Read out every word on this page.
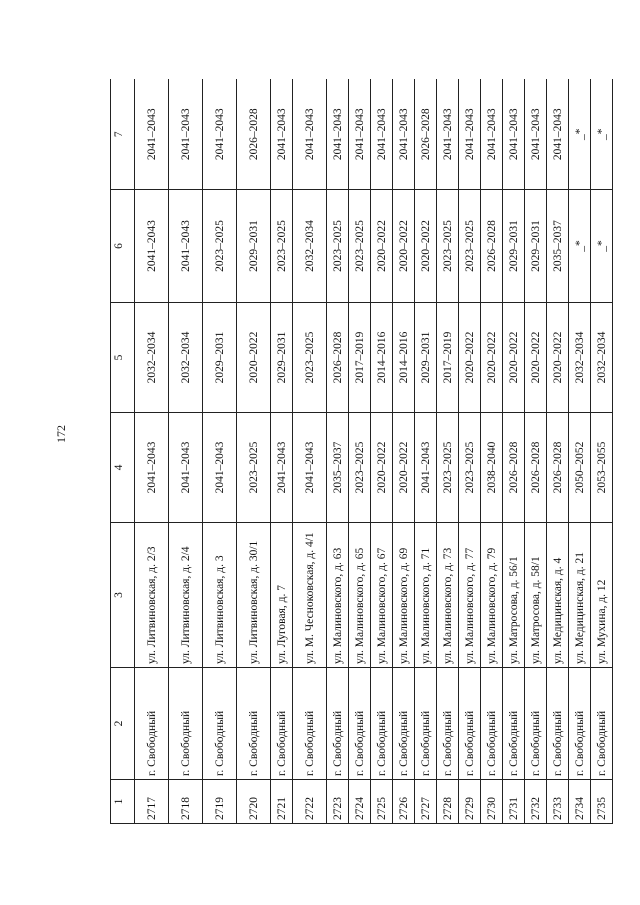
172
1	2	3	4	5	6	7
2717	г. Свободный	ул. Литвиновская, д. 2/3	2041–2043	2032–2034	2041–2043	2041–2043
2718	г. Свободный	ул. Литвиновская, д. 2/4	2041–2043	2032–2034	2041–2043	2041–2043
2719	г. Свободный	ул. Литвиновская, д. 3	2041–2043	2029–2031	2023–2025	2041–2043
2720	г. Свободный	ул. Литвиновская, д. 30/1	2023–2025	2020–2022	2029–2031	2026–2028
2721	г. Свободный	ул. Луговая, д. 7	2041–2043	2029–2031	2023–2025	2041–2043
2722	г. Свободный	ул. М. Чесноковская, д. 4/1	2041–2043	2023–2025	2032–2034	2041–2043
2723	г. Свободный	ул. Малиновского, д. 63	2035–2037	2026–2028	2023–2025	2041–2043
2724	г. Свободный	ул. Малиновского, д. 65	2023–2025	2017–2019	2023–2025	2041–2043
2725	г. Свободный	ул. Малиновского, д. 67	2020–2022	2014–2016	2020–2022	2041–2043
2726	г. Свободный	ул. Малиновского, д. 69	2020–2022	2014–2016	2020–2022	2041–2043
2727	г. Свободный	ул. Малиновского, д. 71	2041–2043	2029–2031	2020–2022	2026–2028
2728	г. Свободный	ул. Малиновского, д. 73	2023–2025	2017–2019	2023–2025	2041–2043
2729	г. Свободный	ул. Малиновского, д. 77	2023–2025	2020–2022	2023–2025	2041–2043
2730	г. Свободный	ул. Малиновского, д. 79	2038–2040	2020–2022	2026–2028	2041–2043
2731	г. Свободный	ул. Матросова, д. 56/1	2026–2028	2020–2022	2029–2031	2041–2043
2732	г. Свободный	ул. Матросова, д. 58/1	2026–2028	2020–2022	2029–2031	2041–2043
2733	г. Свободный	ул. Медицинская, д. 4	2026–2028	2020–2022	2035–2037	2041–2043
2734	г. Свободный	ул. Медицинская, д. 21	2050–2052	2032–2034	_*	_*
2735	г. Свободный	ул. Мухина, д. 12	2053–2055	2032–2034	_*	_*
